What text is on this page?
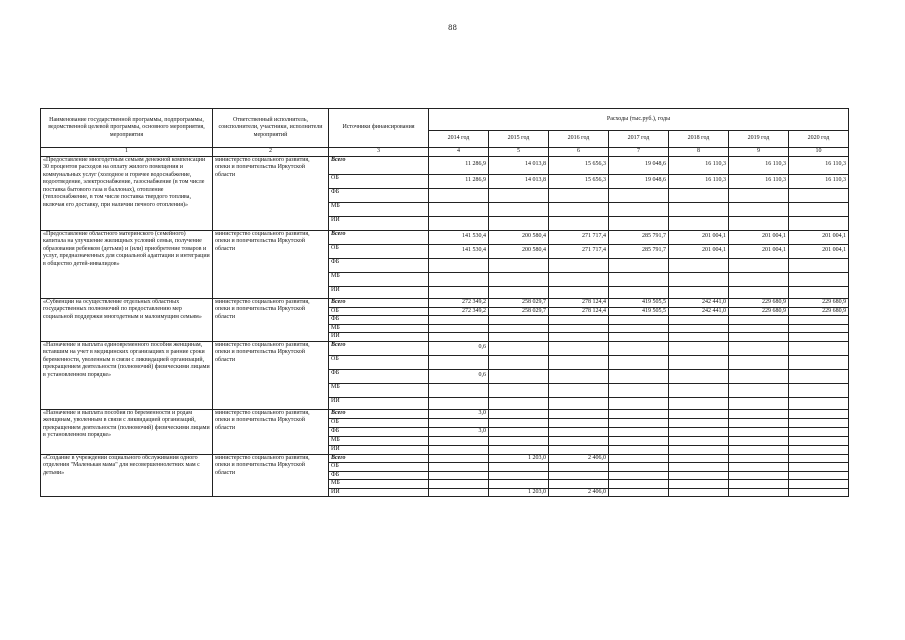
88
Наименование государственной программы, подпрограммы, ведомственной целевой программы, основного мероприятия, мероприятия	Ответственный исполнитель, соисполнители, участники, исполнители мероприятий	Источники финансирования	Расходы (тыс.руб.), годы						
			2014 год	2015 год	2016 год	2017 год	2018 год	2019 год	2020 год
1	2	3	4	5	6	7	8	9	10
«Предоставление многодетным семьям денежной компенсации 30 процентов расходов на оплату жилого помещения и коммунальных услуг (холодное и горячее водоснабжение, водоотведение, электроснабжение, газоснабжение (в том числе поставка бытового газа в баллонах), отопление (теплоснабжение, в том числе поставка твердого топлива, включая его доставку, при наличии печного отопления)»	министерство социального развития, опеки и попечительства Иркутской области	Всего	11 286,9	14 013,8	15 656,3	19 048,6	16 110,3	16 110,3	16 110,3
		ОБ	11 286,9	14 013,8	15 656,3	19 048,6	16 110,3	16 110,3	16 110,3
		ФБ							
		МБ							
		ИИ							
«Предоставление областного материнского (семейного) капитала на улучшение жилищных условий семьи, получение образования ребенком (детьми) и (или) приобретение товаров и услуг, предназначенных для социальной адаптации и интеграции в общество детей-инвалидов»	министерство социального развития, опеки и попечительства Иркутской области	Всего	141 530,4	200 580,4	271 717,4	285 791,7	201 004,1	201 004,1	201 004,1
		ОБ	141 530,4	200 580,4	271 717,4	285 791,7	201 004,1	201 004,1	201 004,1
		ФБ							
		МБ							
		ИИ							
«Субвенции на осуществление отдельных областных государственных полномочий по предоставлению мер социальной поддержки многодетным и малоимущим семьям»	министерство социального развития, опеки и попечительства Иркутской области	Всего	272 349,2	258 029,7	278 124,4	419 505,5	242 441,0	229 680,9	229 680,9
		ОБ	272 349,2	258 029,7	278 124,4	419 505,5	242 441,0	229 680,9	229 680,9
		ФБ							
		МБ							
		ИИ							
«Назначение и выплата единовременного пособия женщинам, вставшим на учет в медицинских организациях в ранние сроки беременности, уволенным в связи с ликвидацией организаций, прекращением деятельности (полномочий) физическими лицами в установленном порядке»	министерство социального развития, опеки и попечительства Иркутской области	Всего	0,6						
		ОБ							
		ФБ	0,6						
		МБ							
		ИИ							
«Назначение и выплата пособия по беременности и родам женщинам, уволенным в связи с ликвидацией организаций, прекращением деятельности (полномочий) физическими лицами в установленном порядке»	министерство социального развития, опеки и попечительства Иркутской области	Всего	3,0						
		ОБ							
		ФБ	3,0						
		МБ							
		ИИ							
«Создание в учреждении социального обслуживания одного отделения "Маленькая мама" для несовершеннолетних мам с детьми»	министерство социального развития, опеки и попечительства Иркутской области	Всего		1 203,0	2 406,0				
		ОБ							
		ФБ							
		МБ							
		ИИ		1 203,0	2 406,0				
